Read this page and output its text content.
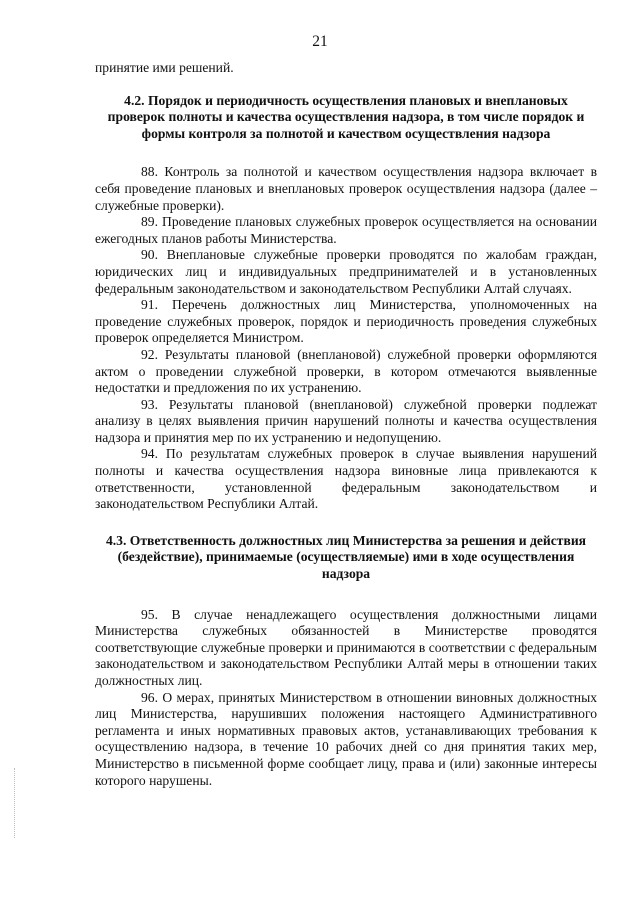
21

принятие ими решений.

4.2. Порядок и периодичность осуществления плановых и внеплановых проверок полноты и качества осуществления надзора, в том числе порядок и формы контроля за полнотой и качеством осуществления надзора

88. Контроль за полнотой и качеством осуществления надзора включает в себя проведение плановых и внеплановых проверок осуществления надзора (далее – служебные проверки).

89. Проведение плановых служебных проверок осуществляется на основании ежегодных планов работы Министерства.

90. Внеплановые служебные проверки проводятся по жалобам граждан, юридических лиц и индивидуальных предпринимателей и в установленных федеральным законодательством и законодательством Республики Алтай случаях.

91. Перечень должностных лиц Министерства, уполномоченных на проведение служебных проверок, порядок и периодичность проведения служебных проверок определяется Министром.

92. Результаты плановой (внеплановой) служебной проверки оформляются актом о проведении служебной проверки, в котором отмечаются выявленные недостатки и предложения по их устранению.

93. Результаты плановой (внеплановой) служебной проверки подлежат анализу в целях выявления причин нарушений полноты и качества осуществления надзора и принятия мер по их устранению и недопущению.

94. По результатам служебных проверок в случае выявления нарушений полноты и качества осуществления надзора виновные лица привлекаются к ответственности, установленной федеральным законодательством и законодательством Республики Алтай.

4.3. Ответственность должностных лиц Министерства за решения и действия (бездействие), принимаемые (осуществляемые) ими в ходе осуществления надзора

95. В случае ненадлежащего осуществления должностными лицами Министерства служебных обязанностей в Министерстве проводятся соответствующие служебные проверки и принимаются в соответствии с федеральным законодательством и законодательством Республики Алтай меры в отношении таких должностных лиц.

96. О мерах, принятых Министерством в отношении виновных должностных лиц Министерства, нарушивших положения настоящего Административного регламента и иных нормативных правовых актов, устанавливающих требования к осуществлению надзора, в течение 10 рабочих дней со дня принятия таких мер, Министерство в письменной форме сообщает лицу, права и (или) законные интересы которого нарушены.
